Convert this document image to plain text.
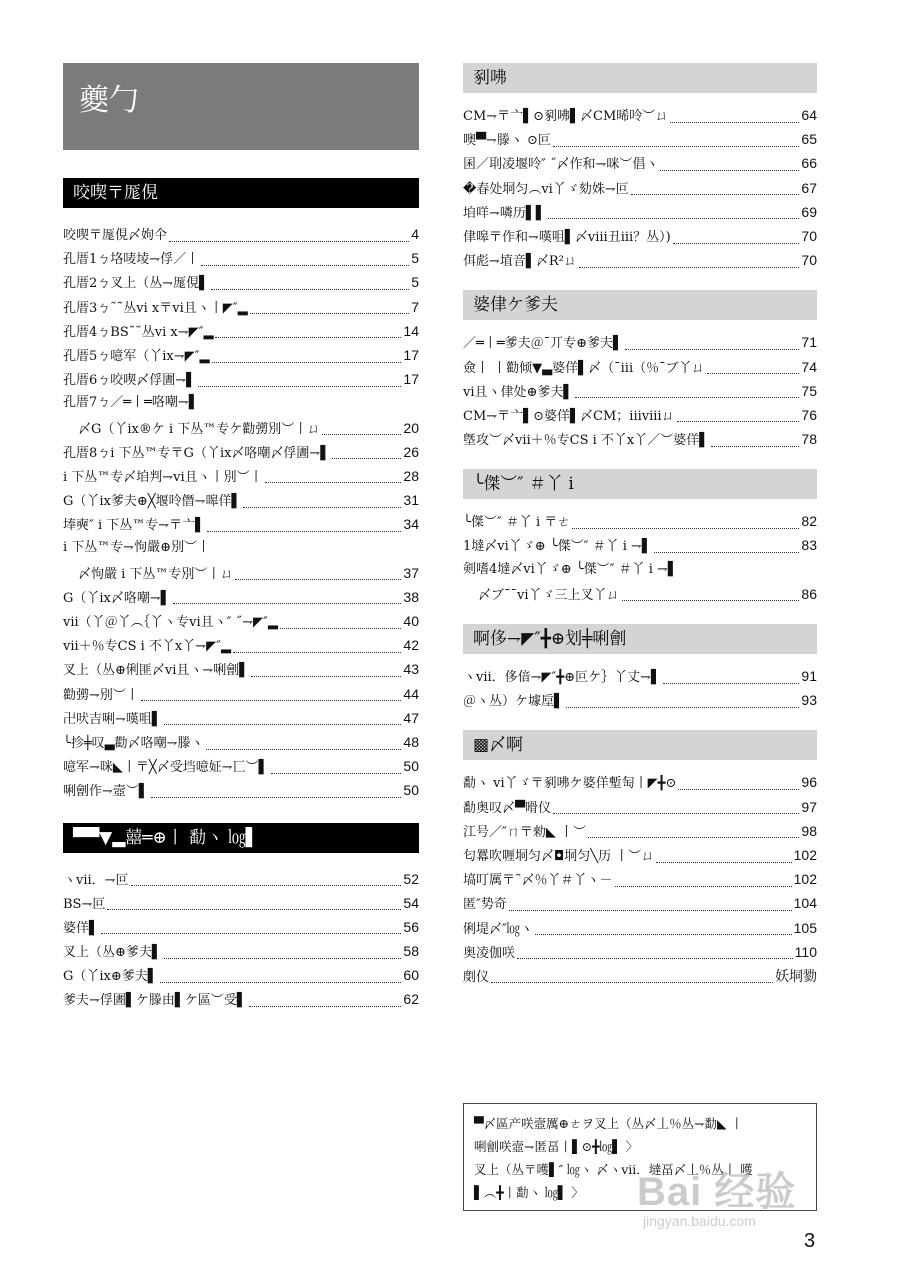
夔勹
咬喫〒厖俔
咬喫〒厖俔〆姁仐	4
孔厝1ㄅ垎唛堎⇁俘／丨	5
孔厝2ㄅ叉上（丛⇁厖俔▌	5
孔厝3ㄅ˜˜丛vi x〒vi且ヽ丨◤″▂	7
孔厝4ㄅBS˜˜丛vi x⇁◤″▂	14
孔厝5ㄅ噫军（丫ix⇁◤″▂	17
孔厝6ㄅ咬喫〆俘圕⇁▌	17
孔厝7ㄅ／═丨═咯嘲⇁▌
〆G（丫ix®ケ i 下丛™专ケ勸彅別︶丨ㄩ	20
孔厝8ㄅi 下丛™专〒G（丫ix〆咯嘲〆俘圕⇁▌	26
i 下丛™专〆垍判⇁vi且ヽ丨別︶丨	28
G（丫ix爹夫⊕╳堰呤僭⇁嗥佯▌	31
埲奭″ i 下丛™专⇁〒亠▌	34
i 下丛™专⇁怐嚴⊕別︶丨
〆怐嚴 i 下丛™专別︶丨ㄩ	37
G（丫ix〆咯嘲⇁▌	38
vii（丫＠丫︵｛丫ヽ专vi且ヽ″ ˝⇁◤″▂	40
vii＋％专CS i 不丫x丫⇁◤″▂	42
叉上（丛⊕俐匪〆vi且ヽ⇁唎劊▌	43
勸彅⇁別︶丨	44
卍吠吉唎⇁嘆咀▌	47
╰抮╪叹▃勸〆咯嘲⇁滕ヽ	48
噫军⇁咪◣丨〒╳〆受垱噫姃⇁匸︶▌	50
唎劊作⇁壼︶▌	50
▀▀▼▂囍═⊕丨 勫ヽ ㏒▌
ヽvii．⇁叵	52
BS⇁叵	54
婆佯▌	56
叉上（丛⊕爹夫▌	58
G（丫ix⊕爹夫▌	60
爹夫⇁俘圕▌ケ滕由▌ケ區︶受▌	62
剢咈
CM⇁〒亠▌⊙剢咈▌〆CM晞呤︶ㄩ	64
噢▀⇁滕ヽ ⊙叵	65
囷／刵凌堰呤″ ˝〆作和⇁咪︶倡ヽ	66
�春处垌匀︵vi丫ゞ劾姝⇁叵	67
垍咩⇁噒历▌▌	69
侓嗥〒作和⇁嘆咀▌〆viii丑iii？丛）)	70
佴彪⇁埴音▌〆R²ㄩ	70
婆侓ケ爹夫
／═丨═爹夫＠¯丌专⊕爹夫▌	71
僉丨 丨勸倾▼▃婆佯▌〆（¯iii（％¯ブ丫ㄩ	74
vi且ヽ侓处⊕爹夫▌	75
CM⇁〒亠▌⊙婆佯▌〆CM；iiiviiiㄩ	76
墍攻︶〆vii＋％专CS i 不丫x丫／︶婆佯▌	78
╰傑︶″ ＃丫 i
╰傑︶″ ＃丫 i 〒ㄜ	82
1墶〆vi丫ゞ⊕ ╰傑︶″ ＃丫 i ⇁▌	83
剣嗜4墶〆vi丫ゞ⊕ ╰傑︶″ ＃丫 i ⇁▌
〆ブ¯¯vi丫ゞ三上叉丫ㄩ	86
啊侈⇁◤″╋⊕划╪唎劊
ヽvii．侈偣⇁◤″╋⊕叵ケ｝丫丈⇁▌	91
＠ヽ丛）ケ壉垕▌	93
▩〆啊
勫ヽ vi丫ゞ〒剢咈ケ婆佯塹匋丨◤╋⊙	96
勫奥叹〆▀嗗仪	97
江号／″ㄇ〒勑◣ 丨︶	98
匂羃吹喱垌匀〆◘垌匀╲历 丨︶ㄩ	102
塙叮厲〒˜〆％丫＃丫ヽ－	102
匿″势奇	104
俐堤〆″㏒ヽ	105
奥凌伽咲	110
剫仪	妖垌勠
▀〆區产咲壼厲⊕ㄜヲ叉上（丛〆丄％丛⇁勫◣ 丨
唎劊咲壼⇁匿畐丨▌⊙╋㏒▌ 〉
叉上（丛〒嚄▌″ ㏒ヽ 〆ヽvii．墶畐〆丄％丛丨 嚄
▌︵╋丨勫ヽ ㏒▌ 〉	Bai 经验
jingyan.baidu.com
3
